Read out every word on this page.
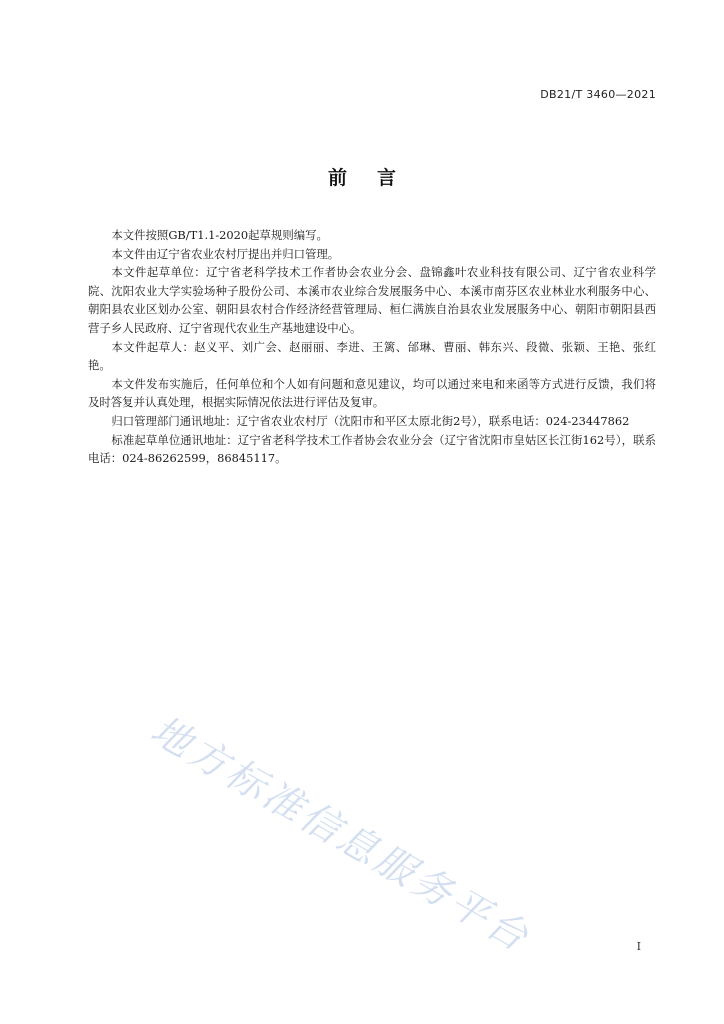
DB21/T 3460—2021
前言

本文件按照GB/T1.1-2020起草规则编写。

本文件由辽宁省农业农村厅提出并归口管理。

本文件起草单位：辽宁省老科学技术工作者协会农业分会、盘锦鑫叶农业科技有限公司、辽宁省农业科学院、沈阳农业大学实验场种子股份公司、本溪市农业综合发展服务中心、本溪市南芬区农业林业水利服务中心、朝阳县农业区划办公室、朝阳县农村合作经济经营管理局、桓仁满族自治县农业发展服务中心、朝阳市朝阳县西营子乡人民政府、辽宁省现代农业生产基地建设中心。

本文件起草人：赵义平、刘广会、赵丽丽、李进、王篱、邰琳、曹丽、韩东兴、段微、张颖、王艳、张红艳。

本文件发布实施后，任何单位和个人如有问题和意见建议，均可以通过来电和来函等方式进行反馈，我们将及时答复并认真处理，根据实际情况依法进行评估及复审。

归口管理部门通讯地址：辽宁省农业农村厅（沈阳市和平区太原北街2号），联系电话：024-23447862

标准起草单位通讯地址：辽宁省老科学技术工作者协会农业分会（辽宁省沈阳市皇姑区长江街162号），联系电话：024-86262599，86845117。

地方标准信息服务平台	I
